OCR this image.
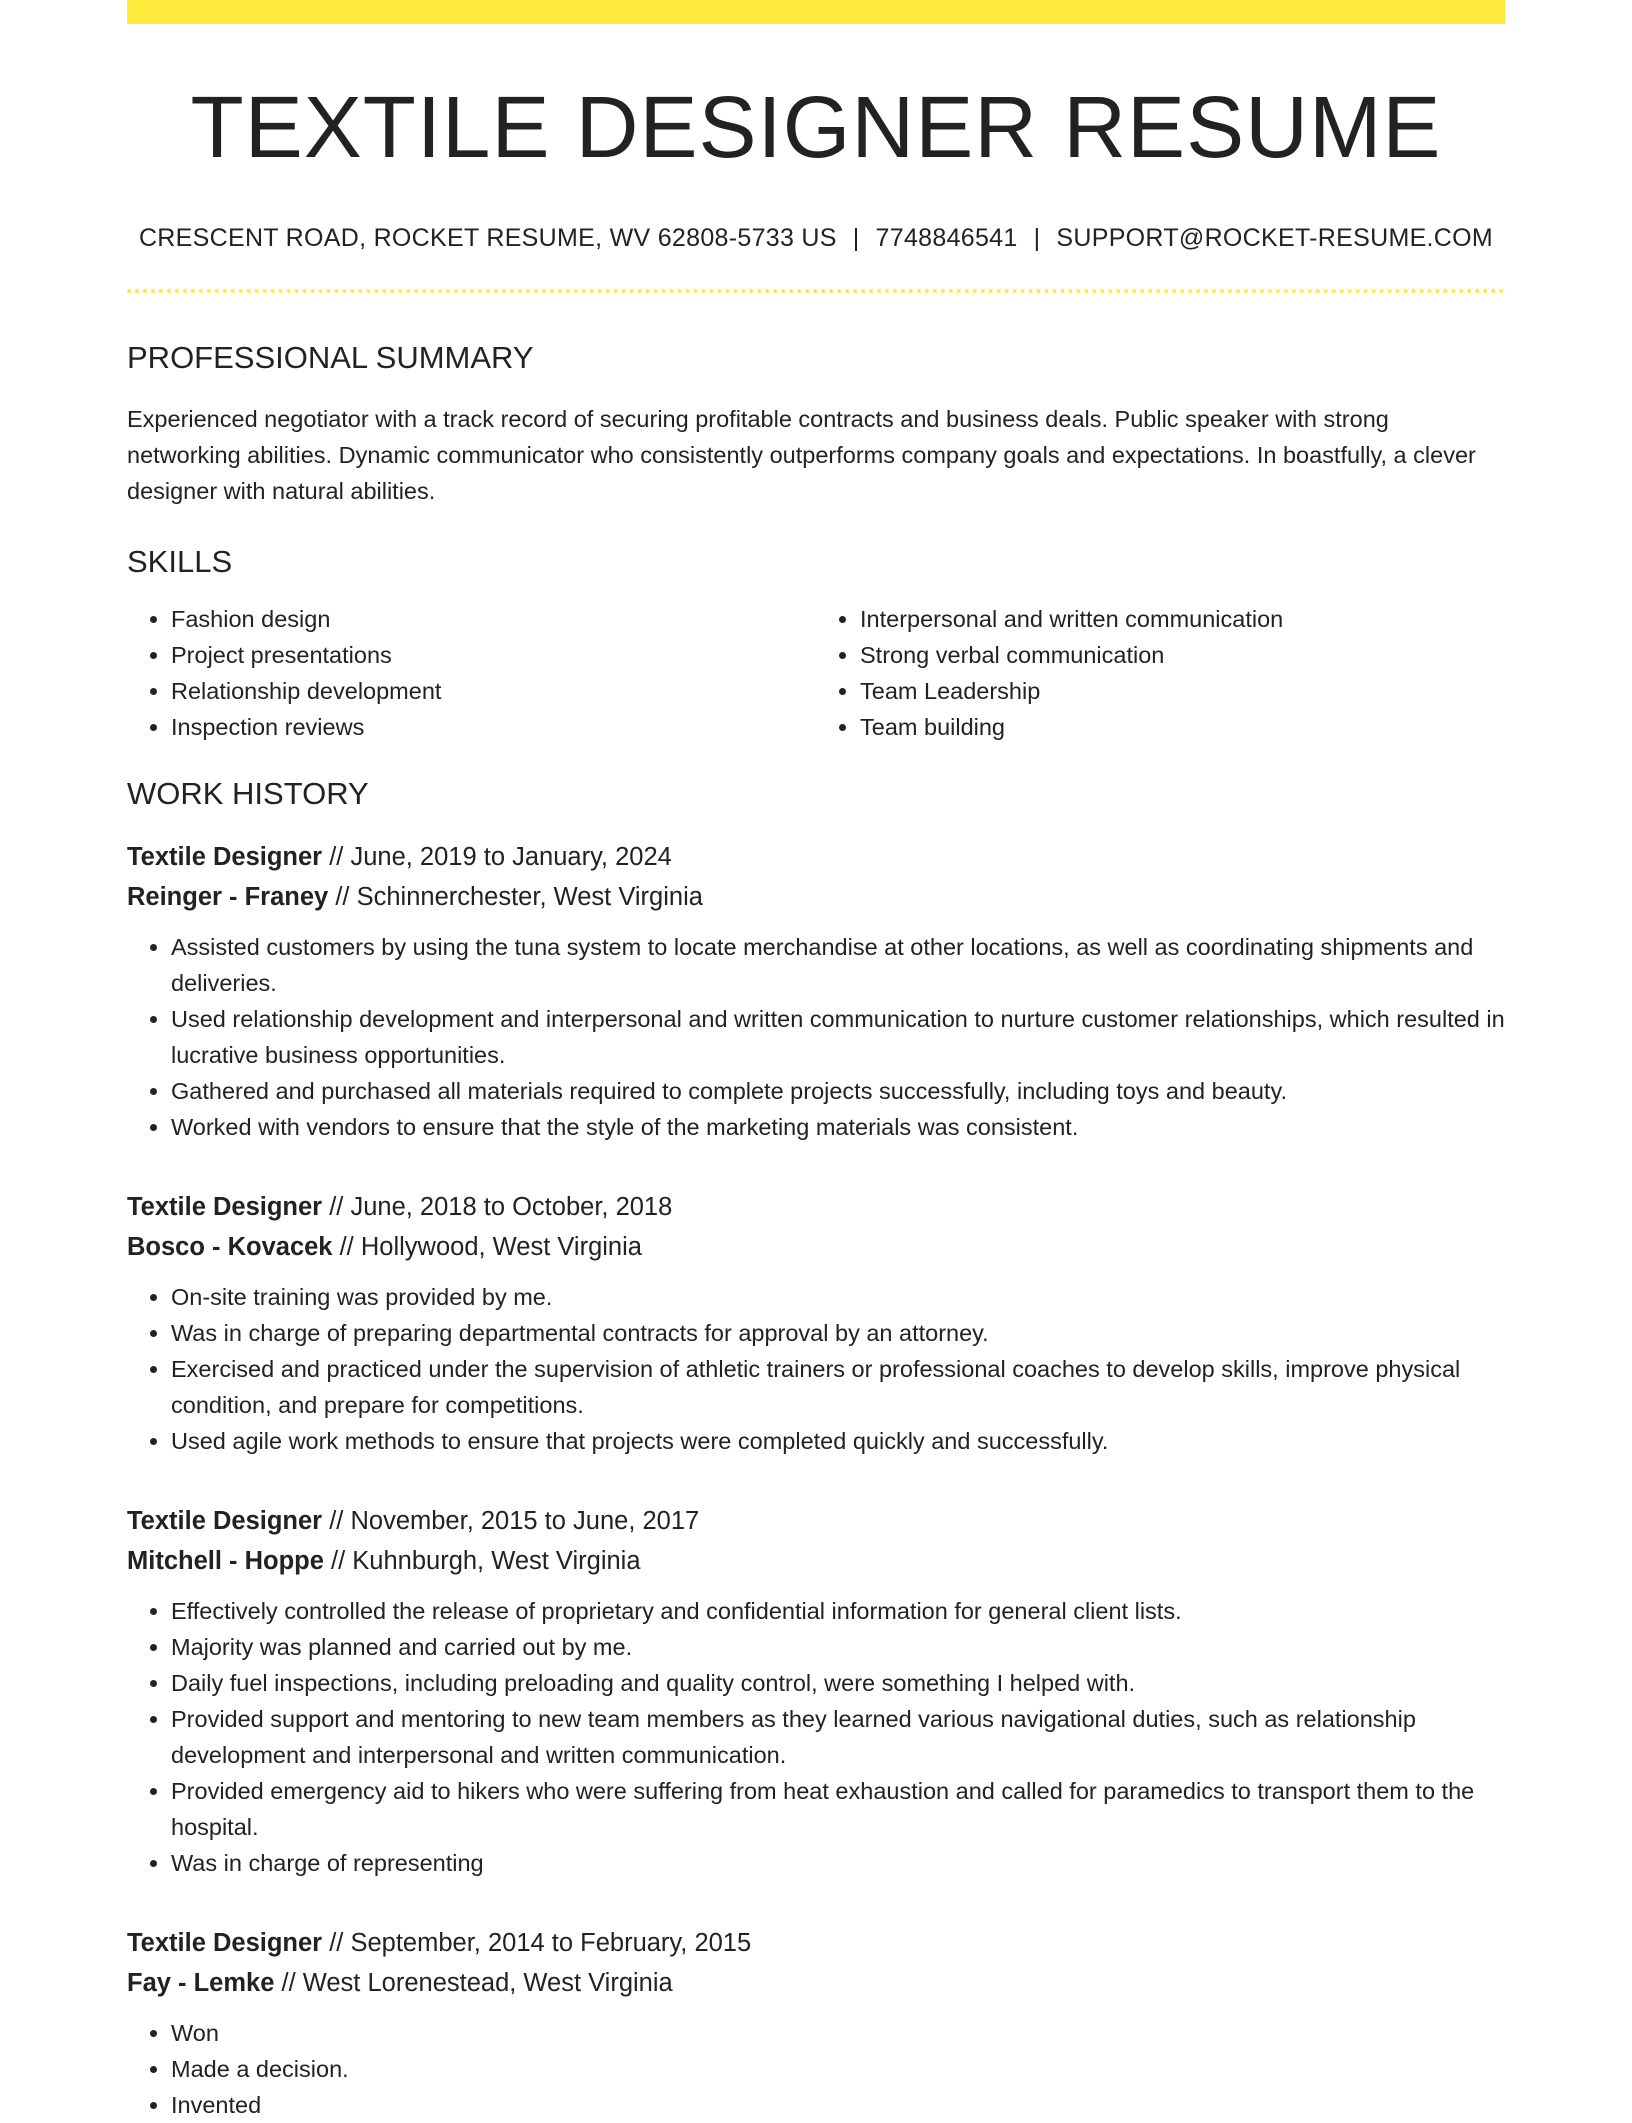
TEXTILE DESIGNER RESUME
CRESCENT ROAD, ROCKET RESUME, WV 62808-5733 US | 7748846541 | SUPPORT@ROCKET-RESUME.COM
PROFESSIONAL SUMMARY
Experienced negotiator with a track record of securing profitable contracts and business deals. Public speaker with strong networking abilities. Dynamic communicator who consistently outperforms company goals and expectations. In boastfully, a clever designer with natural abilities.
SKILLS
• Fashion design
• Project presentations
• Relationship development
• Inspection reviews
• Interpersonal and written communication
• Strong verbal communication
• Team Leadership
• Team building
WORK HISTORY
Textile Designer // June, 2019 to January, 2024
Reinger - Franey // Schinnerchester, West Virginia
• Assisted customers by using the tuna system to locate merchandise at other locations, as well as coordinating shipments and deliveries.
• Used relationship development and interpersonal and written communication to nurture customer relationships, which resulted in lucrative business opportunities.
• Gathered and purchased all materials required to complete projects successfully, including toys and beauty.
• Worked with vendors to ensure that the style of the marketing materials was consistent.
Textile Designer // June, 2018 to October, 2018
Bosco - Kovacek // Hollywood, West Virginia
• On-site training was provided by me.
• Was in charge of preparing departmental contracts for approval by an attorney.
• Exercised and practiced under the supervision of athletic trainers or professional coaches to develop skills, improve physical condition, and prepare for competitions.
• Used agile work methods to ensure that projects were completed quickly and successfully.
Textile Designer // November, 2015 to June, 2017
Mitchell - Hoppe // Kuhnburgh, West Virginia
• Effectively controlled the release of proprietary and confidential information for general client lists.
• Majority was planned and carried out by me.
• Daily fuel inspections, including preloading and quality control, were something I helped with.
• Provided support and mentoring to new team members as they learned various navigational duties, such as relationship development and interpersonal and written communication.
• Provided emergency aid to hikers who were suffering from heat exhaustion and called for paramedics to transport them to the hospital.
• Was in charge of representing
Textile Designer // September, 2014 to February, 2015
Fay - Lemke // West Lorenestead, West Virginia
• Won
• Made a decision.
• Invented
